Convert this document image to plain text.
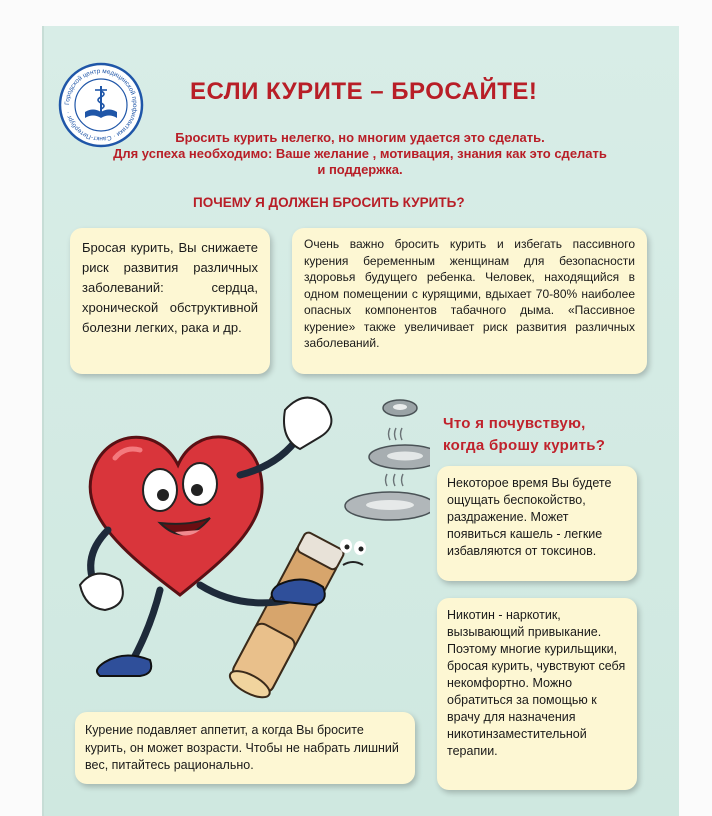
Городской центр медицинской профилактики · Санкт-Петербург ·
ЕСЛИ КУРИТЕ – БРОСАЙТЕ!

Бросить курить нелегко, но многим удается это сделать.
Для успеха необходимо: Ваше желание , мотивация, знания как это сделать
и поддержка.

ПОЧЕМУ Я ДОЛЖЕН БРОСИТЬ КУРИТЬ?

Бросая курить, Вы снижаете риск развития различных заболеваний: сердца, хронической обструктивной болезни легких, рака и др.

Очень важно бросить курить и избегать пассивного курения беременным женщинам для безопасности здоровья будущего ребенка. Человек, находящийся в одном помещении с курящими, вдыхает 70-80% наиболее опасных компонентов табачного дыма. «Пассивное курение» также увеличивает риск развития различных заболеваний.

Что я почувствую,
когда брошу курить?

Некоторое время Вы будете ощущать беспокойство, раздражение. Может появиться кашель - легкие избавляются от токсинов.

Никотин - наркотик, вызывающий привыкание. Поэтому многие курильщики, бросая курить, чувствуют себя некомфортно. Можно обратиться за помощью к врачу для назначения никотинзаместительной терапии.

Курение подавляет аппетит, а когда Вы бросите курить, он может возрасти. Чтобы не набрать лишний вес, питайтесь рационально.
